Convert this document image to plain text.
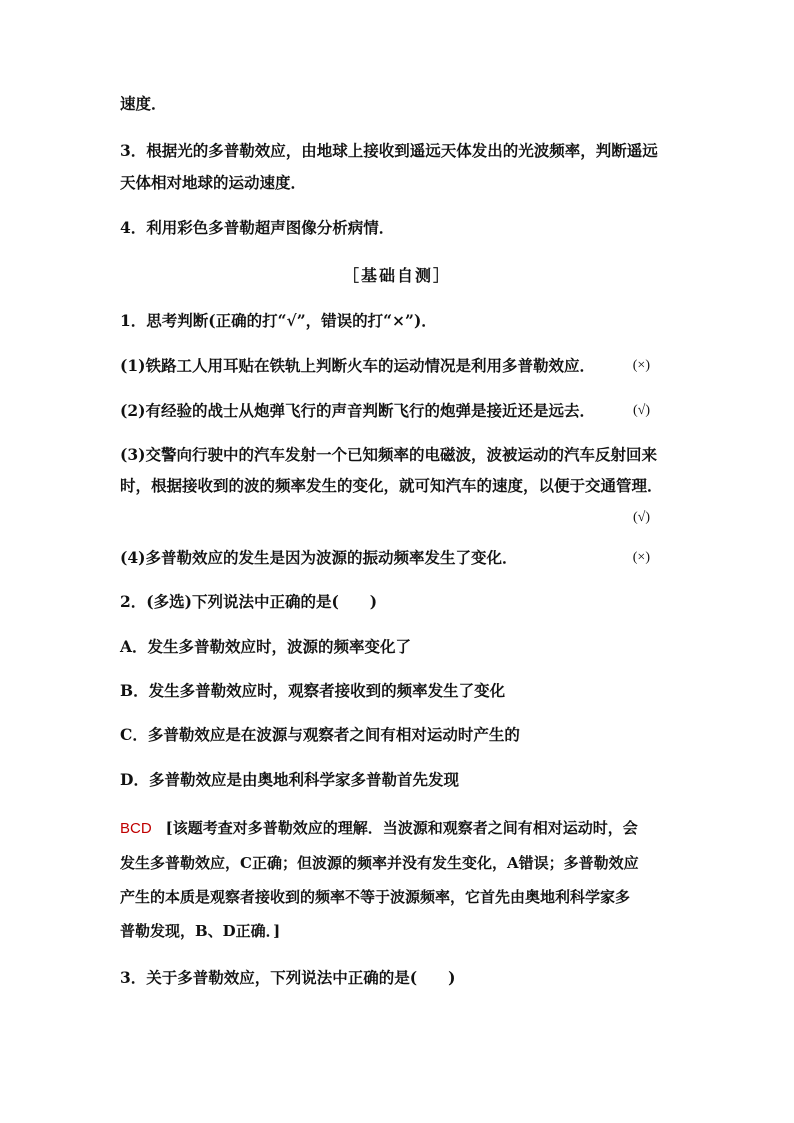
速度．
3．根据光的多普勒效应，由地球上接收到遥远天体发出的光波频率，判断遥远
天体相对地球的运动速度．
4．利用彩色多普勒超声图像分析病情．
［基础自测］
1．思考判断(正确的打“√”，错误的打“×”)．
(1)铁路工人用耳贴在铁轨上判断火车的运动情况是利用多普勒效应．	(×)
(2)有经验的战士从炮弹飞行的声音判断飞行的炮弹是接近还是远去．	(√)
(3)交警向行驶中的汽车发射一个已知频率的电磁波，波被运动的汽车反射回来
时，根据接收到的波的频率发生的变化，就可知汽车的速度，以便于交通管理．
(√)
(4)多普勒效应的发生是因为波源的振动频率发生了变化．	(×)
2．(多选)下列说法中正确的是(　　)
A．发生多普勒效应时，波源的频率变化了
B．发生多普勒效应时，观察者接收到的频率发生了变化
C．多普勒效应是在波源与观察者之间有相对运动时产生的
D．多普勒效应是由奥地利科学家多普勒首先发现
BCD [该题考查对多普勒效应的理解．当波源和观察者之间有相对运动时，会
发生多普勒效应，C正确；但波源的频率并没有发生变化，A错误；多普勒效应
产生的本质是观察者接收到的频率不等于波源频率，它首先由奥地利科学家多
普勒发现，B、D正确．]
3．关于多普勒效应，下列说法中正确的是(　　)
